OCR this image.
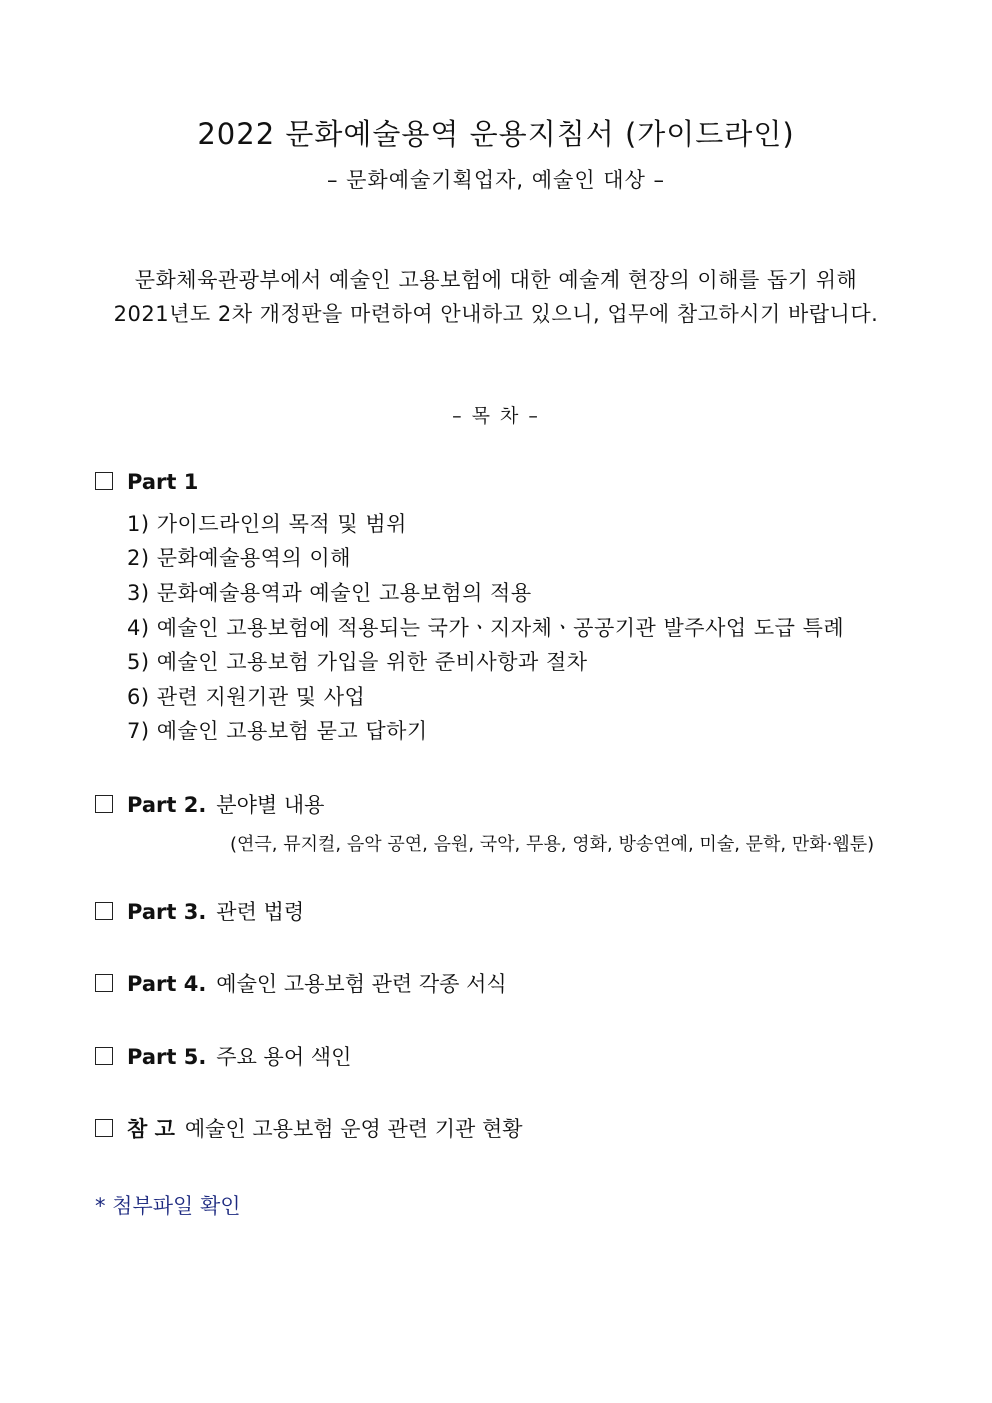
2022 문화예술용역 운용지침서 (가이드라인)
– 문화예술기획업자, 예술인 대상 –
문화체육관광부에서 예술인 고용보험에 대한 예술계 현장의 이해를 돕기 위해
2021년도 2차 개정판을 마련하여 안내하고 있으니, 업무에 참고하시기 바랍니다.
– 목 차 –
Part 1
1) 가이드라인의 목적 및 범위
2) 문화예술용역의 이해
3) 문화예술용역과 예술인 고용보험의 적용
4) 예술인 고용보험에 적용되는 국가ㆍ지자체ㆍ공공기관 발주사업 도급 특례
5) 예술인 고용보험 가입을 위한 준비사항과 절차
6) 관련 지원기관 및 사업
7) 예술인 고용보험 묻고 답하기
Part 2. 분야별 내용
(연극, 뮤지컬, 음악 공연, 음원, 국악, 무용, 영화, 방송연예, 미술, 문학, 만화·웹툰)
Part 3. 관련 법령
Part 4. 예술인 고용보험 관련 각종 서식
Part 5. 주요 용어 색인
참 고 예술인 고용보험 운영 관련 기관 현황
* 첨부파일 확인
